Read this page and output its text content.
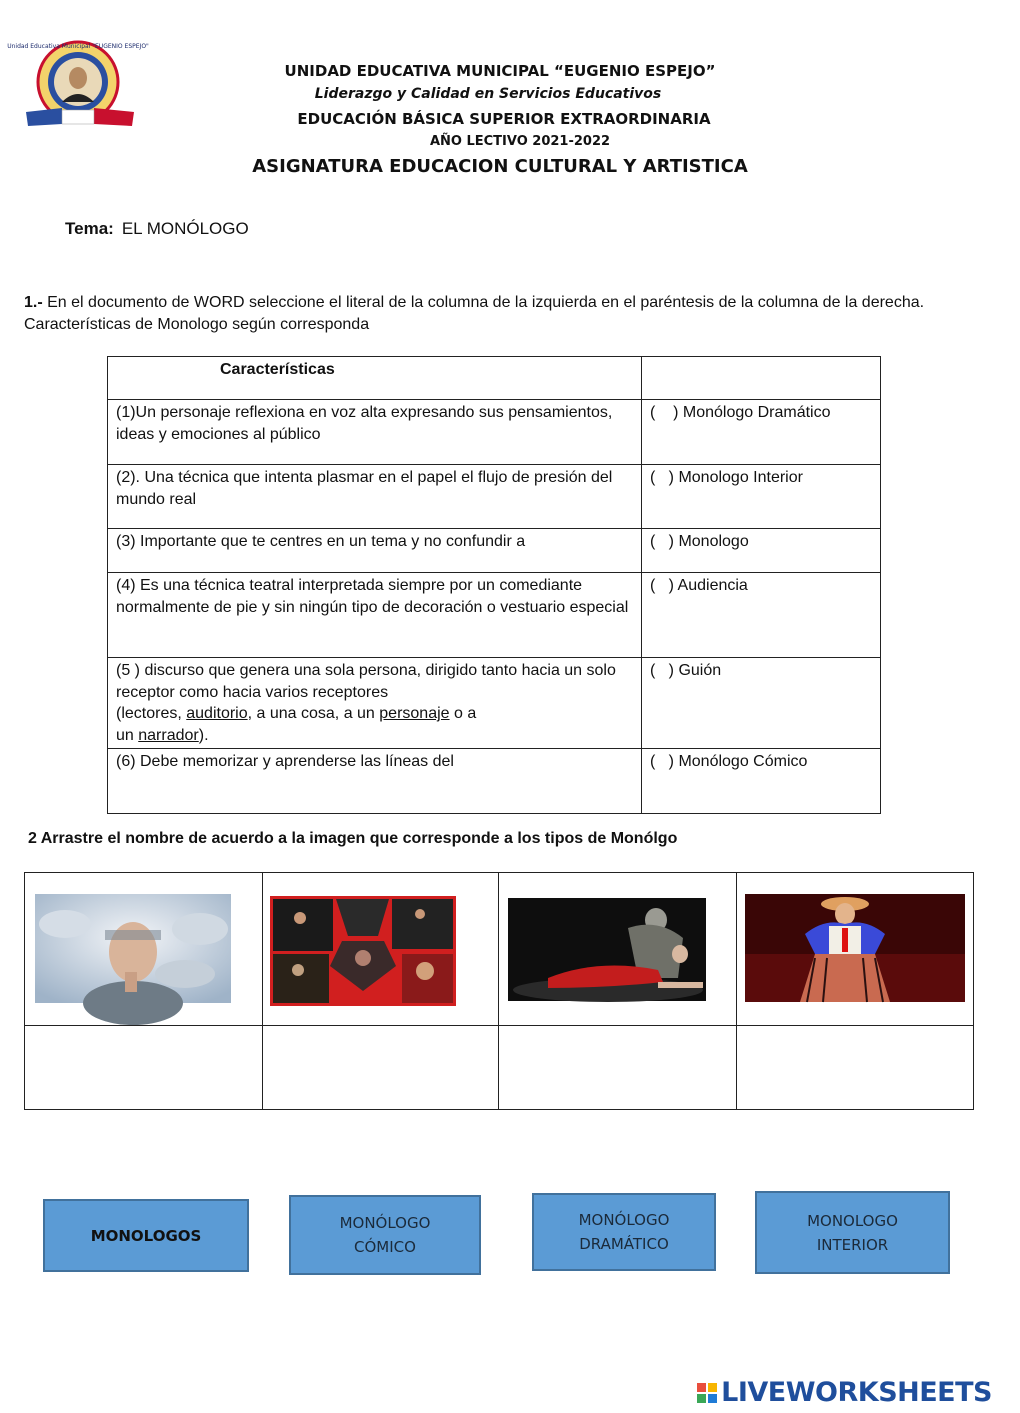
Unidad Educativa Municipal "EUGENIO ESPEJO"
UNIDAD EDUCATIVA MUNICIPAL “EUGENIO ESPEJO”
Liderazgo y Calidad en Servicios Educativos
EDUCACIÓN BÁSICA SUPERIOR EXTRAORDINARIA
AÑO LECTIVO 2021-2022
ASIGNATURA EDUCACION CULTURAL Y ARTISTICA
Tema: EL MONÓLOGO
1.- En el documento de WORD seleccione el literal de la columna de la izquierda en el paréntesis de la columna de la derecha. Características de Monologo según corresponda
Características	
(1)Un personaje reflexiona en voz alta expresando sus pensamientos, ideas y emociones al público	(    ) Monólogo Dramático
(2). Una técnica que intenta plasmar en el papel el flujo de presión del mundo real	(   ) Monologo Interior
(3) Importante que te centres en un tema y no confundir a	(   ) Monologo
(4) Es una técnica teatral interpretada siempre por un comediante normalmente de pie y sin ningún tipo de decoración o vestuario especial	(   ) Audiencia
(5 ) discurso que genera una sola persona, dirigido tanto hacia un solo receptor como hacia varios receptores
(lectores, auditorio, a una cosa, a un personaje o a
un narrador).	(   ) Guión
(6) Debe memorizar y aprenderse las líneas del	(   ) Monólogo Cómico
2 Arrastre el nombre de acuerdo a la imagen que corresponde a los tipos de Monólgo
MONOLOGOS
MONÓLOGO
CÓMICO
MONÓLOGO
DRAMÁTICO
MONOLOGO
INTERIOR
LIVEWORKSHEETS
